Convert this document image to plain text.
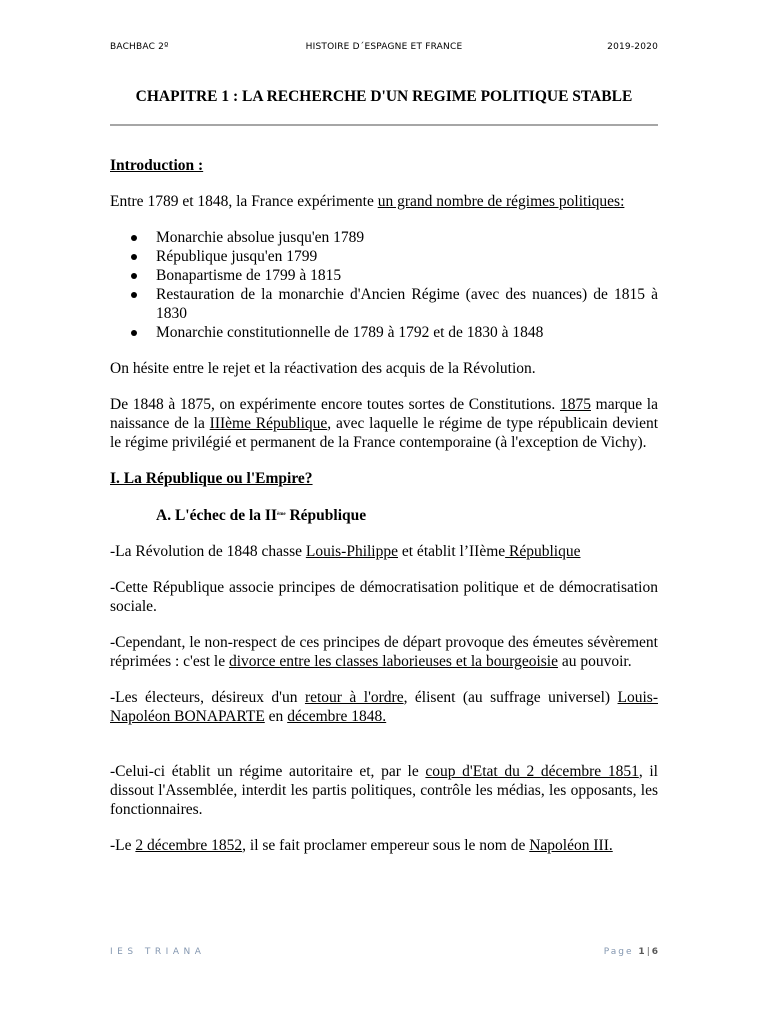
BACHBAC 2º	HISTOIRE D´ESPAGNE ET FRANCE	2019-2020
CHAPITRE 1 : LA RECHERCHE D'UN REGIME POLITIQUE STABLE

Introduction :

Entre 1789 et 1848, la France expérimente un grand nombre de régimes politiques:

Monarchie absolue jusqu'en 1789
République jusqu'en 1799
Bonapartisme de 1799 à 1815
Restauration de la monarchie d'Ancien Régime (avec des nuances) de 1815 à 1830
Monarchie constitutionnelle de 1789 à 1792 et de 1830 à 1848

On hésite entre le rejet et la réactivation des acquis de la Révolution.

De 1848 à 1875, on expérimente encore toutes sortes de Constitutions. 1875 marque la naissance de la IIIème République, avec laquelle le régime de type républicain devient le régime privilégié et permanent de la France contemporaine (à l'exception de Vichy).

I. La République ou l'Empire?

A. L'échec de la IIème République

-La Révolution de 1848 chasse Louis-Philippe et établit l’IIème République

-Cette République associe principes de démocratisation politique et de démocratisation sociale.

-Cependant, le non-respect de ces principes de départ provoque des émeutes sévèrement réprimées : c'est le divorce entre les classes laborieuses et la bourgeoisie au pouvoir.

-Les électeurs, désireux d'un retour à l'ordre, élisent (au suffrage universel) Louis-Napoléon BONAPARTE en décembre 1848.

-Celui-ci établit un régime autoritaire et, par le coup d'Etat du 2 décembre 1851, il dissout l'Assemblée, interdit les partis politiques, contrôle les médias, les opposants, les fonctionnaires.

-Le 2 décembre 1852, il se fait proclamer empereur sous le nom de Napoléon III.

IES TRIANA	Page 1 | 6
